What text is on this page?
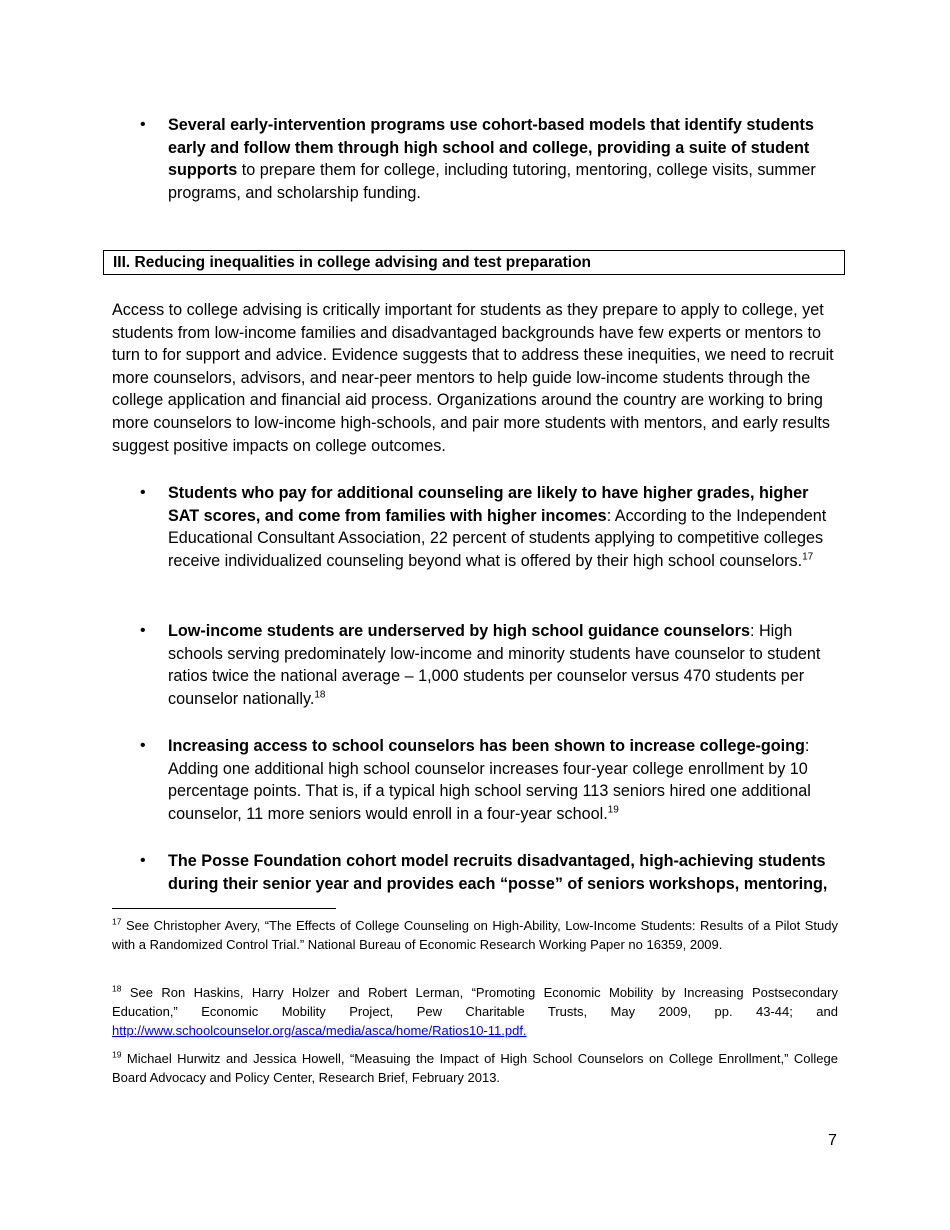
• Several early-intervention programs use cohort-based models that identify students early and follow them through high school and college, providing a suite of student supports to prepare them for college, including tutoring, mentoring, college visits, summer programs, and scholarship funding.
III. Reducing inequalities in college advising and test preparation
Access to college advising is critically important for students as they prepare to apply to college, yet students from low-income families and disadvantaged backgrounds have few experts or mentors to turn to for support and advice. Evidence suggests that to address these inequities, we need to recruit more counselors, advisors, and near-peer mentors to help guide low-income students through the college application and financial aid process. Organizations around the country are working to bring more counselors to low-income high-schools, and pair more students with mentors, and early results suggest positive impacts on college outcomes.
• Students who pay for additional counseling are likely to have higher grades, higher SAT scores, and come from families with higher incomes: According to the Independent Educational Consultant Association, 22 percent of students applying to competitive colleges receive individualized counseling beyond what is offered by their high school counselors.$^{17}$
• Low-income students are underserved by high school guidance counselors: High schools serving predominately low-income and minority students have counselor to student ratios twice the national average – 1,000 students per counselor versus 470 students per counselor nationally.$^{18}$
• Increasing access to school counselors has been shown to increase college-going: Adding one additional high school counselor increases four-year college enrollment by 10 percentage points. That is, if a typical high school serving 113 seniors hired one additional counselor, 11 more seniors would enroll in a four-year school.$^{19}$
• The Posse Foundation cohort model recruits disadvantaged, high-achieving students during their senior year and provides each “posse” of seniors workshops, mentoring,
$^{17}$ See Christopher Avery, “The Effects of College Counseling on High-Ability, Low-Income Students: Results of a Pilot Study with a Randomized Control Trial.” National Bureau of Economic Research Working Paper no 16359, 2009.
$^{18}$ See Ron Haskins, Harry Holzer and Robert Lerman, “Promoting Economic Mobility by Increasing Postsecondary Education,” Economic Mobility Project, Pew Charitable Trusts, May 2009, pp. 43-44; and http://www.schoolcounselor.org/asca/media/asca/home/Ratios10-11.pdf.
$^{19}$ Michael Hurwitz and Jessica Howell, “Measuing the Impact of High School Counselors on College Enrollment,” College Board Advocacy and Policy Center, Research Brief, February 2013.
7
